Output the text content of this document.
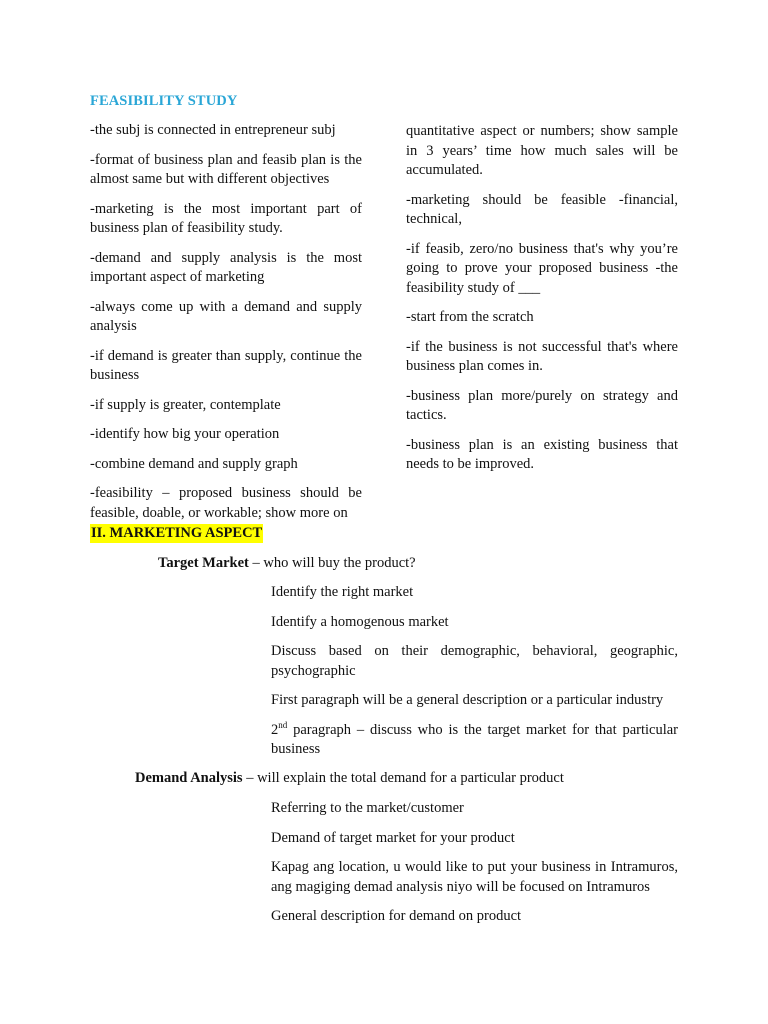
FEASIBILITY STUDY

-the subj is connected in entrepreneur subj

-format of business plan and feasib plan is the almost same but with different objectives

-marketing is the most important part of business plan of feasibility study.

-demand and supply analysis is the most important aspect of marketing

-always come up with a demand and supply analysis

-if demand is greater than supply, continue the business

-if supply is greater, contemplate

-identify how big your operation

-combine demand and supply graph

-feasibility – proposed business should be feasible, doable, or workable; show more on

quantitative aspect or numbers; show sample in 3 years’ time how much sales will be accumulated.

-marketing should be feasible -financial, technical,

-if feasib, zero/no business that's why you’re going to prove your proposed business -the feasibility study of ___

-start from the scratch

-if the business is not successful that's where business plan comes in.

-business plan more/purely on strategy and tactics.

-business plan is an existing business that needs to be improved.

II. MARKETING ASPECT
Target Market – who will buy the product?

Identify the right market

Identify a homogenous market

Discuss based on their demographic, behavioral, geographic, psychographic

First paragraph will be a general description or a particular industry

2nd paragraph – discuss who is the target market for that particular business

Demand Analysis – will explain the total demand for a particular product

Referring to the market/customer

Demand of target market for your product

Kapag ang location, u would like to put your business in Intramuros, ang magiging demad analysis niyo will be focused on Intramuros

General description for demand on product
